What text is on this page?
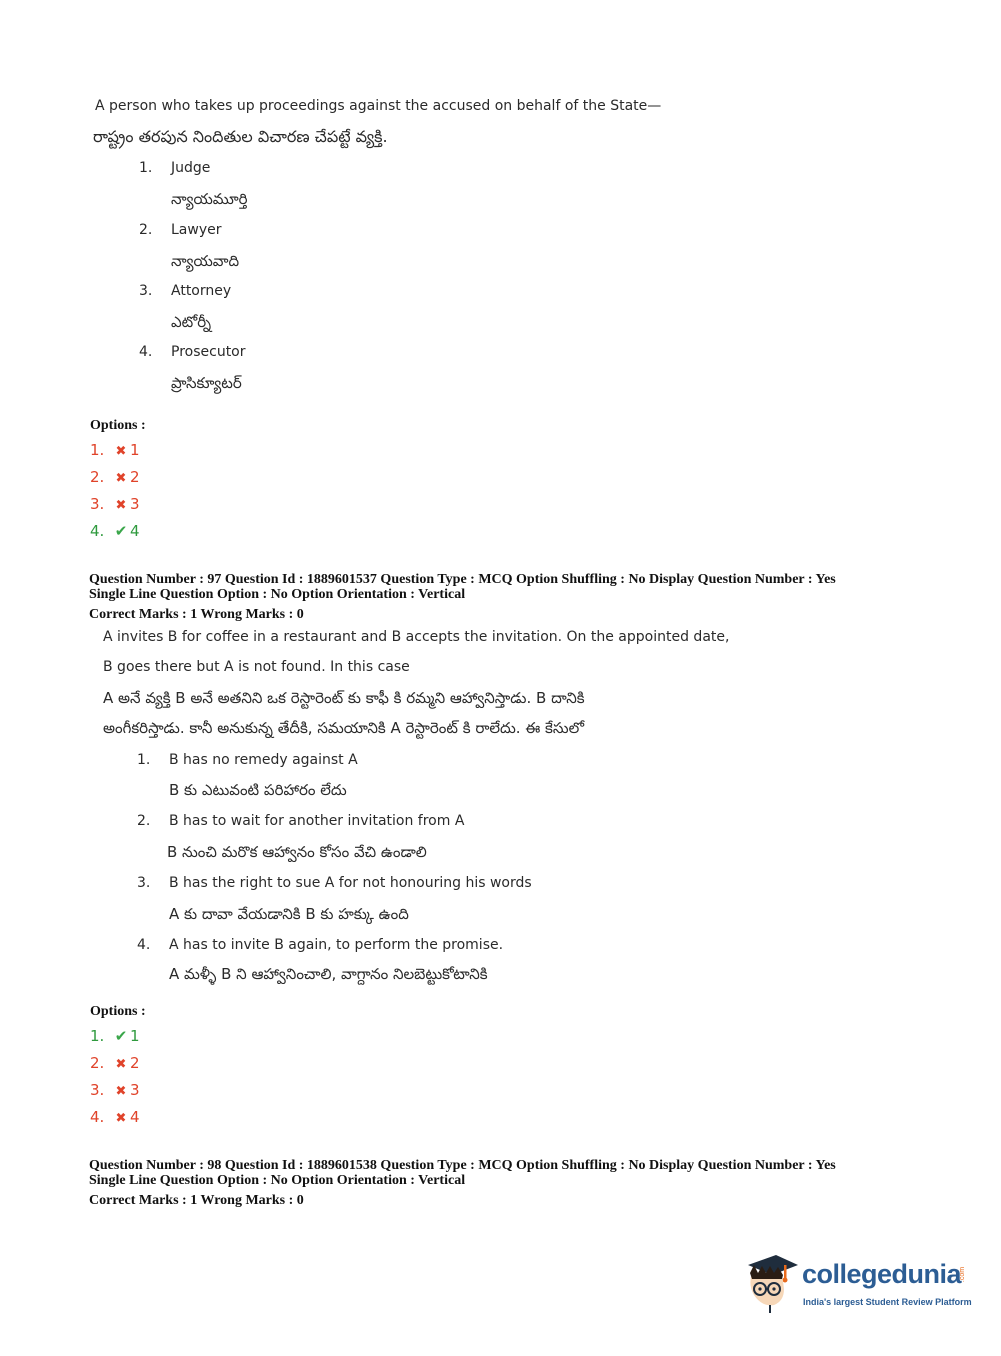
A person who takes up proceedings against the accused on behalf of the State—
రాష్ట్రం తరపున నిందితుల విచారణ చేపట్టే వ్యక్తి.
1. Judge
న్యాయమూర్తి
2. Lawyer
న్యాయవాది
3. Attorney
ఎటోర్నీ
4. Prosecutor
ప్రాసిక్యూటర్
Options :
1. ✖ 1
2. ✖ 2
3. ✖ 3
4. ✔ 4
Question Number : 97 Question Id : 1889601537 Question Type : MCQ Option Shuffling : No Display Question Number : Yes
Single Line Question Option : No Option Orientation : Vertical
Correct Marks : 1 Wrong Marks : 0
A invites B for coffee in a restaurant and B accepts the invitation. On the appointed date,
B goes there but A is not found. In this case
A అనే వ్యక్తి B అనే అతనిని ఒక రెస్టారెంట్ కు కాఫీ కి రమ్మని ఆహ్వానిస్తాడు. B దానికి
అంగీకరిస్తాడు. కానీ అనుకున్న తేదీకి, సమయానికి A రెస్టారెంట్ కి రాలేదు. ఈ కేసులో
1. B has no remedy against A
B కు ఎటువంటి పరిహారం లేదు
2. B has to wait for another invitation from A
B నుంచి మరొక ఆహ్వానం కోసం వేచి ఉండాలి
3. B has the right to sue A for not honouring his words
A కు దావా వేయడానికి B కు హక్కు ఉంది
4. A has to invite B again, to perform the promise.
A మళ్ళీ B ని ఆహ్వానించాలి, వాగ్దానం నిలబెట్టుకోటానికి
Options :
1. ✔ 1
2. ✖ 2
3. ✖ 3
4. ✖ 4
Question Number : 98 Question Id : 1889601538 Question Type : MCQ Option Shuffling : No Display Question Number : Yes
Single Line Question Option : No Option Orientation : Vertical
Correct Marks : 1 Wrong Marks : 0
collegedunia
.com
India's largest Student Review Platform
